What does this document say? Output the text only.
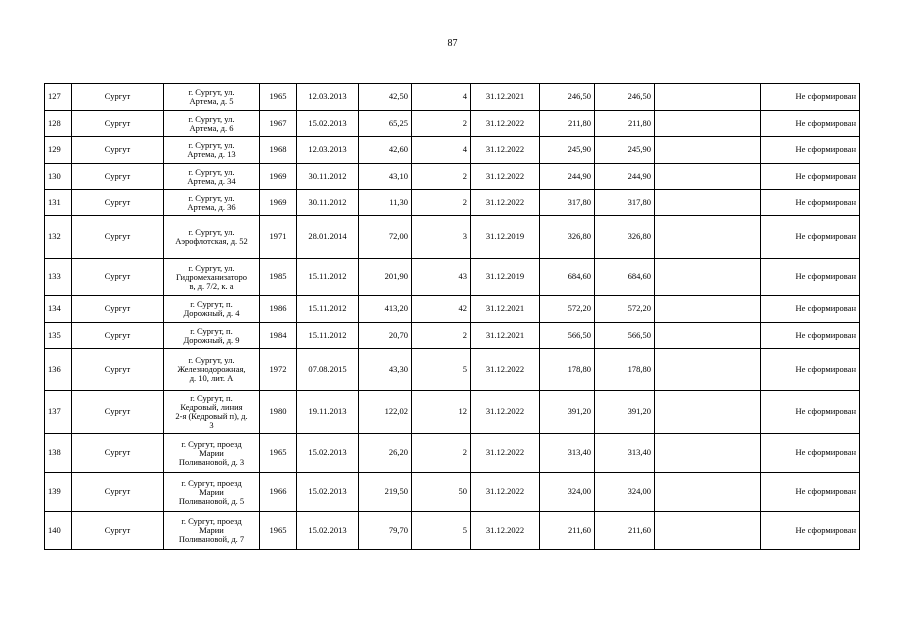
87
127	Сургут	г. Сургут, ул.
Артема, д. 5	1965	12.03.2013	42,50	4	31.12.2021	246,50	246,50		Не сформирован
128	Сургут	г. Сургут, ул.
Артема, д. 6	1967	15.02.2013	65,25	2	31.12.2022	211,80	211,80		Не сформирован
129	Сургут	г. Сургут, ул.
Артема, д. 13	1968	12.03.2013	42,60	4	31.12.2022	245,90	245,90		Не сформирован
130	Сургут	г. Сургут, ул.
Артема, д. 34	1969	30.11.2012	43,10	2	31.12.2022	244,90	244,90		Не сформирован
131	Сургут	г. Сургут, ул.
Артема, д. 36	1969	30.11.2012	11,30	2	31.12.2022	317,80	317,80		Не сформирован
132	Сургут	г. Сургут, ул.
Аэрофлотская, д. 52	1971	28.01.2014	72,00	3	31.12.2019	326,80	326,80		Не сформирован
133	Сургут	г. Сургут, ул.
Гидромеханизаторо
в, д. 7/2, к. а	1985	15.11.2012	201,90	43	31.12.2019	684,60	684,60		Не сформирован
134	Сургут	г. Сургут, п.
Дорожный, д. 4	1986	15.11.2012	413,20	42	31.12.2021	572,20	572,20		Не сформирован
135	Сургут	г. Сургут, п.
Дорожный, д. 9	1984	15.11.2012	20,70	2	31.12.2021	566,50	566,50		Не сформирован
136	Сургут	г. Сургут, ул.
Железнодорожная,
д. 10, лит. А	1972	07.08.2015	43,30	5	31.12.2022	178,80	178,80		Не сформирован
137	Сургут	г. Сургут, п.
Кедровый, линия
2-я (Кедровый п), д.
3	1980	19.11.2013	122,02	12	31.12.2022	391,20	391,20		Не сформирован
138	Сургут	г. Сургут, проезд
Марии
Поливановой, д. 3	1965	15.02.2013	26,20	2	31.12.2022	313,40	313,40		Не сформирован
139	Сургут	г. Сургут, проезд
Марии
Поливановой, д. 5	1966	15.02.2013	219,50	50	31.12.2022	324,00	324,00		Не сформирован
140	Сургут	г. Сургут, проезд
Марии
Поливановой, д. 7	1965	15.02.2013	79,70	5	31.12.2022	211,60	211,60		Не сформирован
